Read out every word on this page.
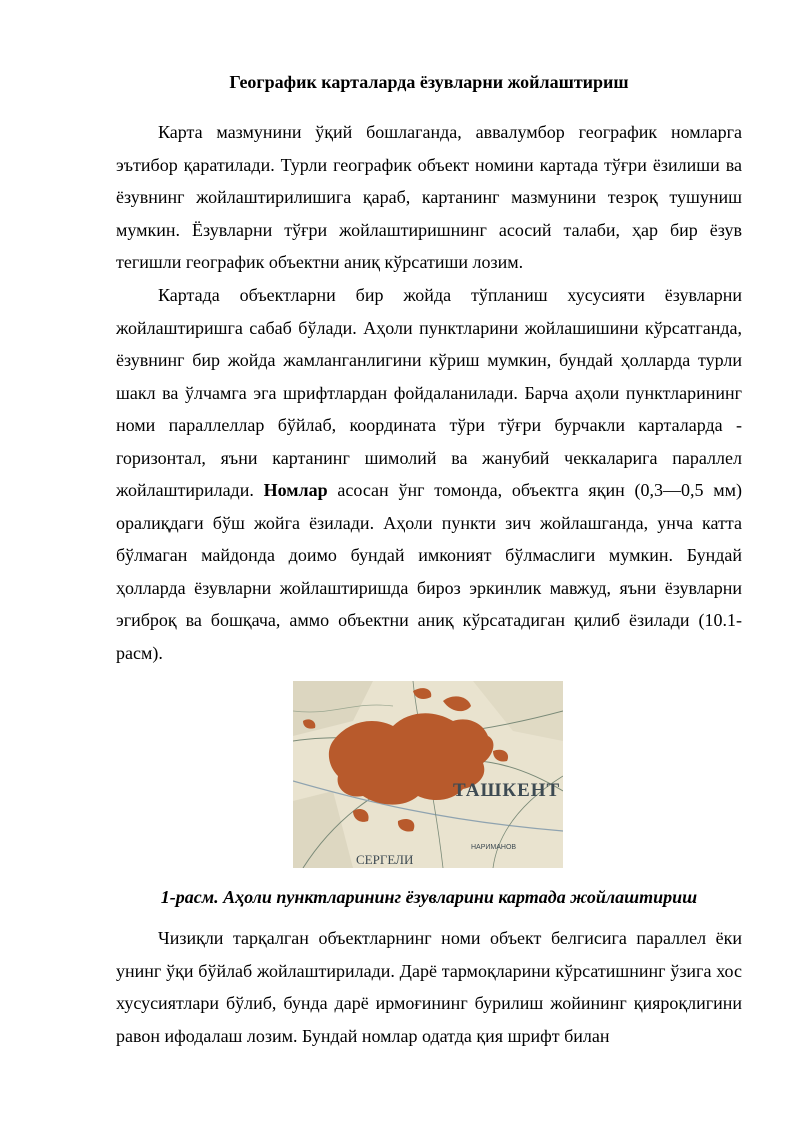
Географик карталарда ёзувларни жойлаштириш

Карта мазмунини ўқий бошлаганда, аввалумбор географик номларга эътибор қаратилади. Турли географик объект номини картада тўғри ёзилиши ва ёзувнинг жойлаштирилишига қараб, картанинг мазмунини тезроқ тушуниш мумкин. Ёзувларни тўғри жойлаштиришнинг асосий талаби, ҳар бир ёзув тегишли географик объектни аниқ кўрсатиши лозим.

Картада объектларни бир жойда тўпланиш хусусияти ёзувларни жойлаштиришга сабаб бўлади. Аҳоли пунктларини жойлашишини кўрсатганда, ёзувнинг бир жойда жамланганлигини кўриш мумкин, бундай ҳолларда турли шакл ва ўлчамга эга шрифтлардан фойдаланилади. Барча аҳоли пунктларининг номи параллеллар бўйлаб, координата тўри тўғри бурчакли карталарда - горизонтал, яъни картанинг шимолий ва жанубий чеккаларига параллел жойлаштирилади. Номлар асосан ўнг томонда, объектга яқин (0,3—0,5 мм) оралиқдаги бўш жойга ёзилади. Аҳоли пункти зич жойлашганда, унча катта бўлмаган майдонда доимо бундай имконият бўлмаслиги мумкин. Бундай ҳолларда ёзувларни жойлаштиришда бироз эркинлик мавжуд, яъни ёзувларни эгиброқ ва бошқача, аммо объектни аниқ кўрсатадиган қилиб ёзилади (10.1-расм).

ТАШКЕНТ
НАРИМАНОВ
СЕРГЕЛИ
1-расм. Аҳоли пунктларининг ёзувларини картада жойлаштириш

Чизиқли тарқалган объектларнинг номи объект белгисига параллел ёки унинг ўқи бўйлаб жойлаштирилади. Дарё тармоқларини кўрсатишнинг ўзига хос хусусиятлари бўлиб, бунда дарё ирмоғининг бурилиш жойининг қияроқлигини равон ифодалаш лозим. Бундай номлар одатда қия шрифт билан
